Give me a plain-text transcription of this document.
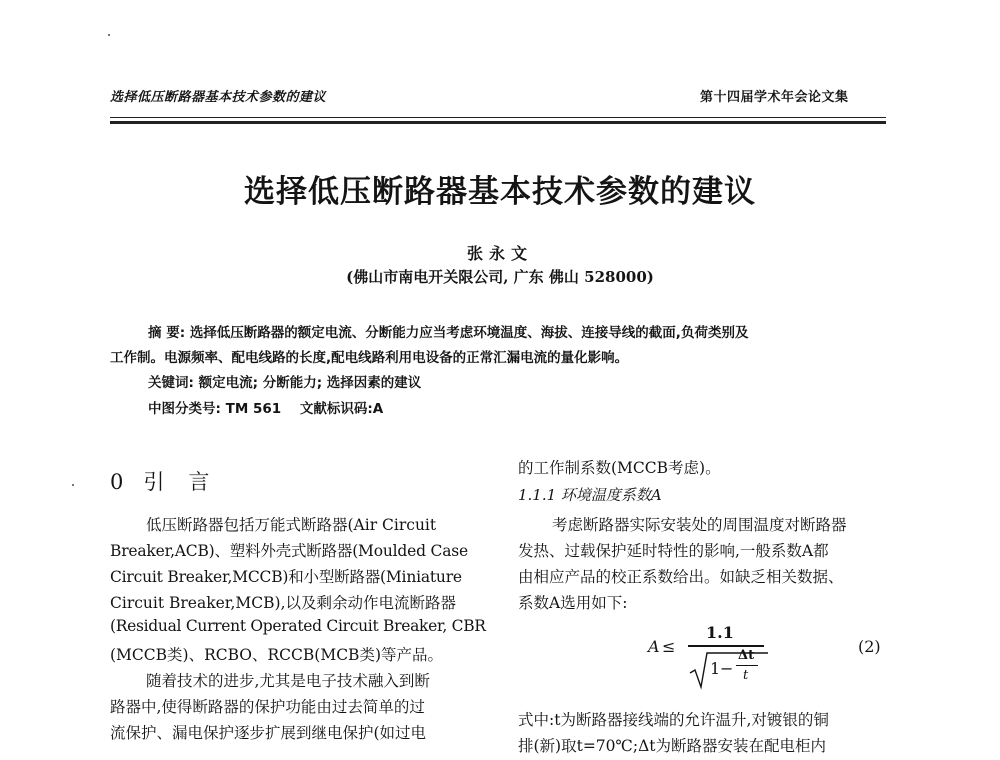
选择低压断路器基本技术参数的建议	第十四届学术年会论文集
选择低压断路器基本技术参数的建议
张永文
(佛山市南电开关限公司, 广东 佛山 528000)
摘 要: 选择低压断路器的额定电流、分断能力应当考虑环境温度、海拔、连接导线的截面,负荷类别及
工作制。电源频率、配电线路的长度,配电线路利用电设备的正常汇漏电流的量化影响。
关键词: 额定电流; 分断能力; 选择因素的建议
中图分类号: TM 561 文献标识码:A
0 引 言
低压断路器包括万能式断路器(Air Circuit
Breaker,ACB)、塑料外壳式断路器(Moulded Case
Circuit Breaker,MCCB)和小型断路器(Miniature
Circuit Breaker,MCB),以及剩余动作电流断路器
(Residual Current Operated Circuit Breaker, CBR
(MCCB类)、RCBO、RCCB(MCB类)等产品。
随着技术的进步,尤其是电子技术融入到断
路器中,使得断路器的保护功能由过去简单的过
流保护、漏电保护逐步扩展到继电保护(如过电
的工作制系数(MCCB考虑)。
1.1.1 环境温度系数A
考虑断路器实际安装处的周围温度对断路器
发热、过载保护延时特性的影响,一般系数A都
由相应产品的校正系数给出。如缺乏相关数据、
系数A选用如下:
A ≤
1.1
1 −
Δt
t
(2)
式中:t为断路器接线端的允许温升,对镀银的铜
排(新)取t=70℃;Δt为断路器安装在配电柜内
